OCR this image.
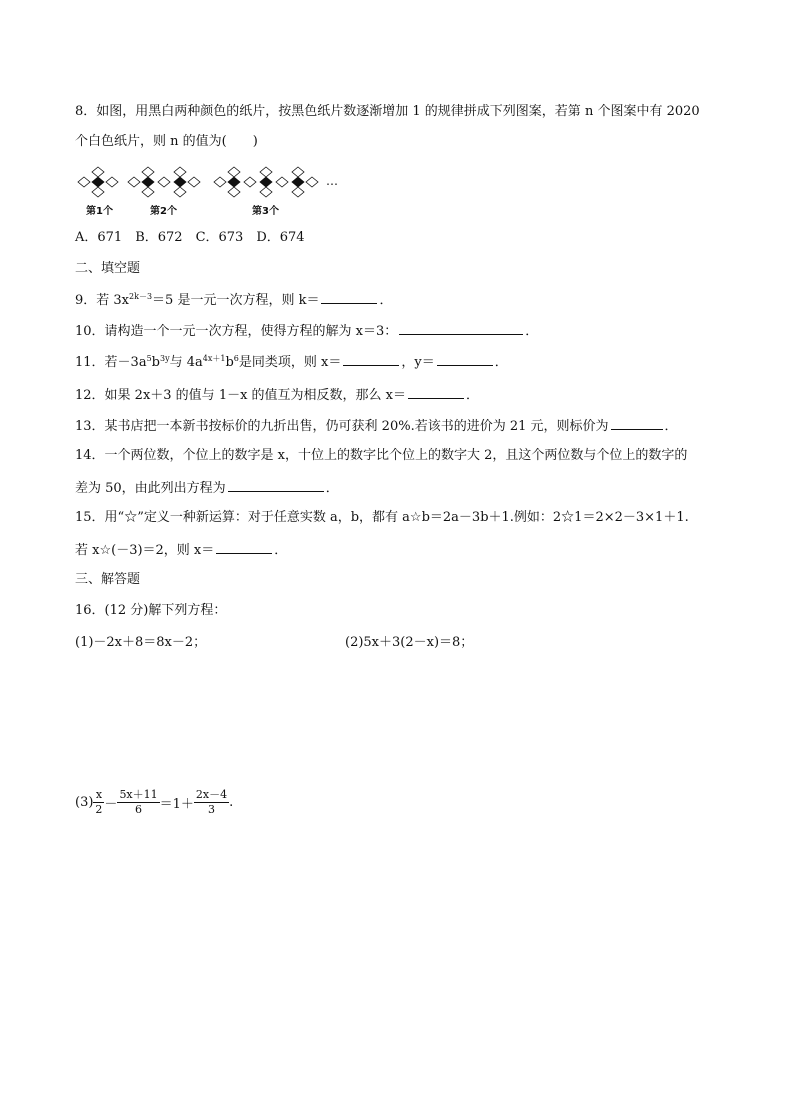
8．如图，用黑白两种颜色的纸片，按黑色纸片数逐渐增加 1 的规律拼成下列图案，若第 n 个图案中有 2020
个白色纸片，则 n 的值为(　　)
…
第1个	第2个	第3个
A．671　B．672　C．673　D．674
二、填空题
9．若 $3x^{2k-3}=5$ 是一元一次方程，则 k＝	．
10．请构造一个一元一次方程，使得方程的解为 x＝3：	．
11．若$-3a^5b^{3y}$与 $4a^{4x+1}b^6$是同类项，则 x＝	，y＝	．
12．如果 2x＋3 的值与 1－x 的值互为相反数，那么 x＝	．
13．某书店把一本新书按标价的九折出售，仍可获利 20%.若该书的进价为 21 元，则标价为	．
14．一个两位数，个位上的数字是 x，十位上的数字比个位上的数字大 2，且这个两位数与个位上的数字的
差为 50，由此列出方程为	．
15．用“☆”定义一种新运算：对于任意实数 a，b，都有 a☆b＝2a－3b＋1.例如：2☆1＝2×2－3×1＋1.
若 x☆(－3)＝2，则 x＝	．
三、解答题
16．(12 分)解下列方程：
(1)－2x＋8＝8x－2；	(2)5x＋3(2－x)＝8；
$(3) \frac{x}{2} - \frac{5x+11}{6} =1+ \frac{2x-4}{3}$ .
